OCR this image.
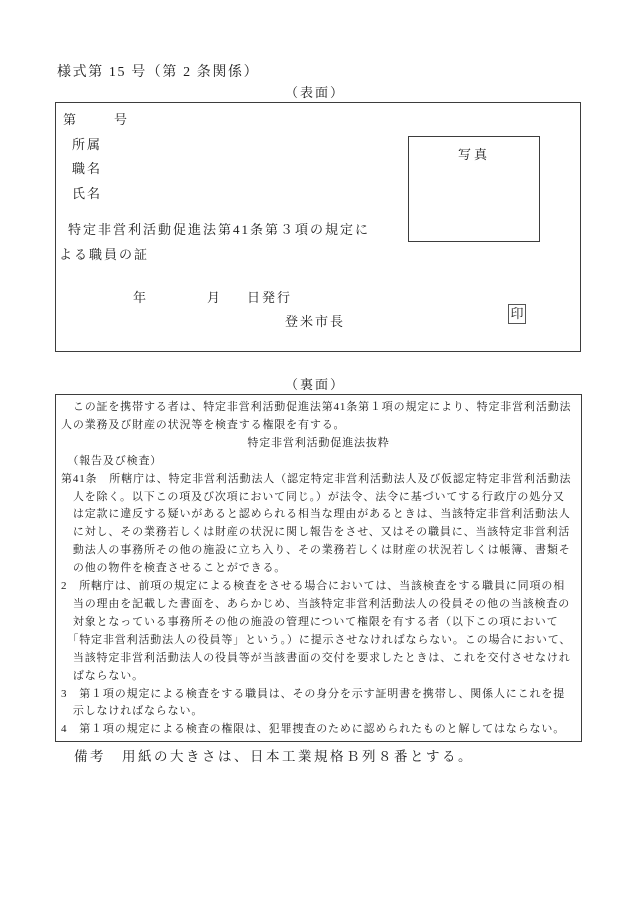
様式第 15 号（第 2 条関係）
（表面）
第	号
所属
職名
氏名
写真
特定非営利活動促進法第41条第３項の規定に
よる職員の証
年	月 日発行
登米市長
印
（裏面）
　この証を携帯する者は、特定非営利活動促進法第41条第１項の規定により、特定非営利活動法
人の業務及び財産の状況等を検査する権限を有する。
特定非営利活動促進法抜粋
　（報告及び検査）
第41条　所轄庁は、特定非営利活動法人（認定特定非営利活動法人及び仮認定特定非営利活動法
　人を除く。以下この項及び次項において同じ。）が法令、法令に基づいてする行政庁の処分又
　は定款に違反する疑いがあると認められる相当な理由があるときは、当該特定非営利活動法人
　に対し、その業務若しくは財産の状況に関し報告をさせ、又はその職員に、当該特定非営利活
　動法人の事務所その他の施設に立ち入り、その業務若しくは財産の状況若しくは帳簿、書類そ
　の他の物件を検査させることができる。
2　所轄庁は、前項の規定による検査をさせる場合においては、当該検査をする職員に同項の相
　当の理由を記載した書面を、あらかじめ、当該特定非営利活動法人の役員その他の当該検査の
　対象となっている事務所その他の施設の管理について権限を有する者（以下この項において
　「特定非営利活動法人の役員等」という。）に提示させなければならない。この場合において、
　当該特定非営利活動法人の役員等が当該書面の交付を要求したときは、これを交付させなけれ
　ばならない。
3　第１項の規定による検査をする職員は、その身分を示す証明書を携帯し、関係人にこれを提
　示しなければならない。
4　第１項の規定による検査の権限は、犯罪捜査のために認められたものと解してはならない。
備考　用紙の大きさは、日本工業規格Ｂ列８番とする。
